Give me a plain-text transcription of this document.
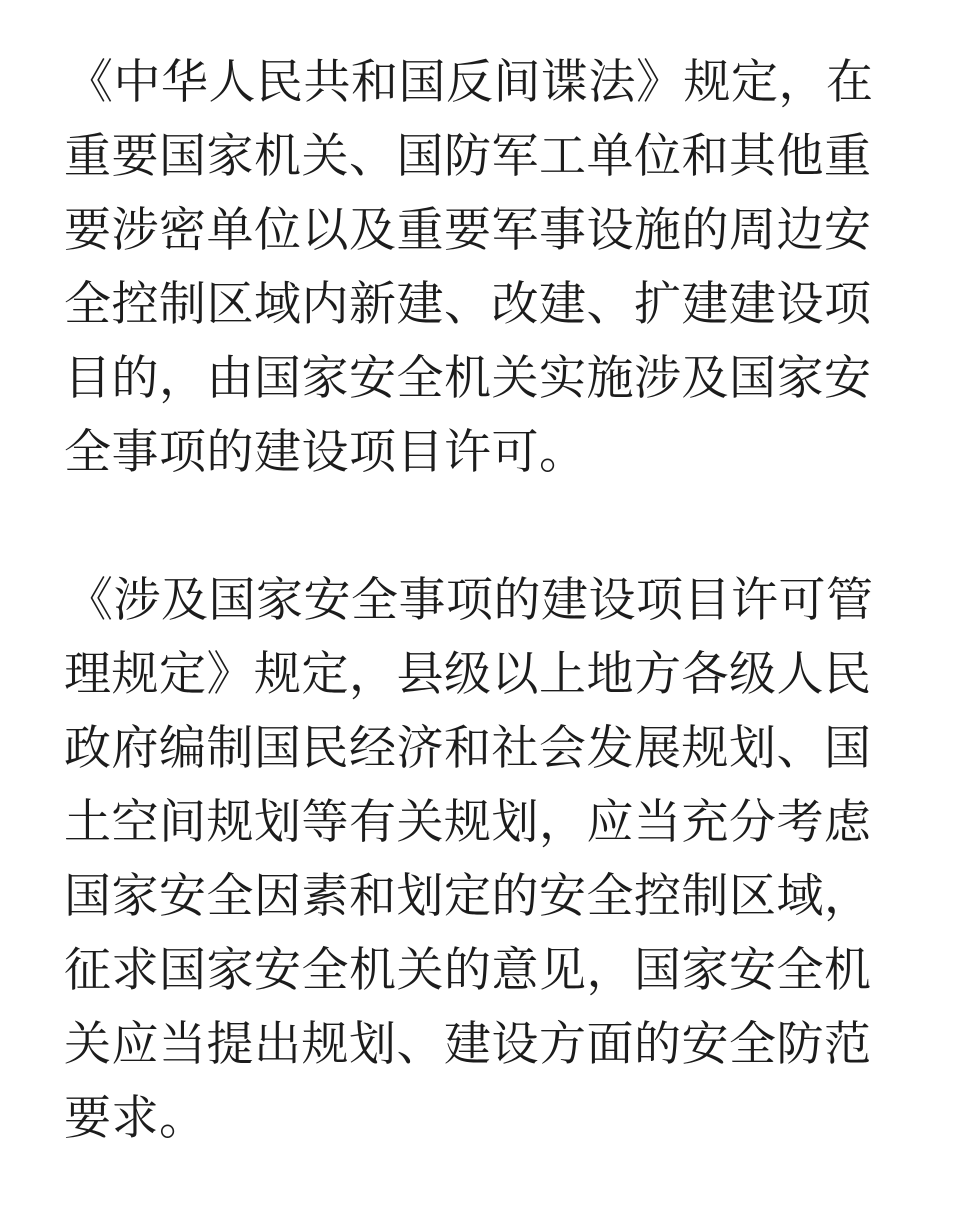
《中华人民共和国反间谍法》规定，在
重要国家机关、国防军工单位和其他重
要涉密单位以及重要军事设施的周边安
全控制区域内新建、改建、扩建建设项
目的，由国家安全机关实施涉及国家安
全事项的建设项目许可。
《涉及国家安全事项的建设项目许可管
理规定》规定，县级以上地方各级人民
政府编制国民经济和社会发展规划、国
土空间规划等有关规划，应当充分考虑
国家安全因素和划定的安全控制区域，
征求国家安全机关的意见，国家安全机
关应当提出规划、建设方面的安全防范
要求。
